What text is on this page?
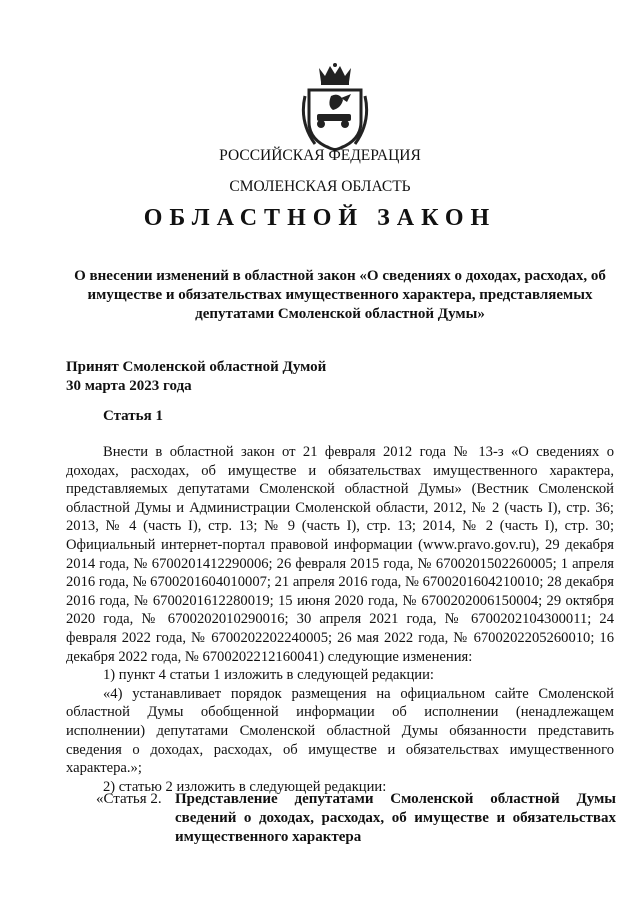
РОССИЙСКАЯ ФЕДЕРАЦИЯ
СМОЛЕНСКАЯ ОБЛАСТЬ
ОБЛАСТНОЙ ЗАКОН
О внесении изменений в областной закон «О сведениях о доходах, расходах, об имуществе и обязательствах имущественного характера, представляемых депутатами Смоленской областной Думы»
Принят Смоленской областной Думой
30 марта 2023 года
Статья 1

Внести в областной закон от 21 февраля 2012 года № 13-з «О сведениях о доходах, расходах, об имуществе и обязательствах имущественного характера, представляемых депутатами Смоленской областной Думы» (Вестник Смоленской областной Думы и Администрации Смоленской области, 2012, № 2 (часть I), стр. 36; 2013, № 4 (часть I), стр. 13; № 9 (часть I), стр. 13; 2014, № 2 (часть I), стр. 30; Официальный интернет-портал правовой информации (www.pravo.gov.ru), 29 декабря 2014 года, № 6700201412290006; 26 февраля 2015 года, № 6700201502260005; 1 апреля 2016 года, № 6700201604010007; 21 апреля 2016 года, № 6700201604210010; 28 декабря 2016 года, № 6700201612280019; 15 июня 2020 года, № 6700202006150004; 29 октября 2020 года, № 6700202010290016; 30 апреля 2021 года, № 6700202104300011; 24 февраля 2022 года, № 6700202202240005; 26 мая 2022 года, № 6700202205260010; 16 декабря 2022 года, № 6700202212160041) следующие изменения:

1) пункт 4 статьи 1 изложить в следующей редакции:

«4) устанавливает порядок размещения на официальном сайте Смоленской областной Думы обобщенной информации об исполнении (ненадлежащем исполнении) депутатами Смоленской областной Думы обязанности представить сведения о доходах, расходах, об имуществе и обязательствах имущественного характера.»;

2) статью 2 изложить в следующей редакции:

«Статья 2. Представление депутатами Смоленской областной Думы сведений о доходах, расходах, об имуществе и обязательствах имущественного характера
